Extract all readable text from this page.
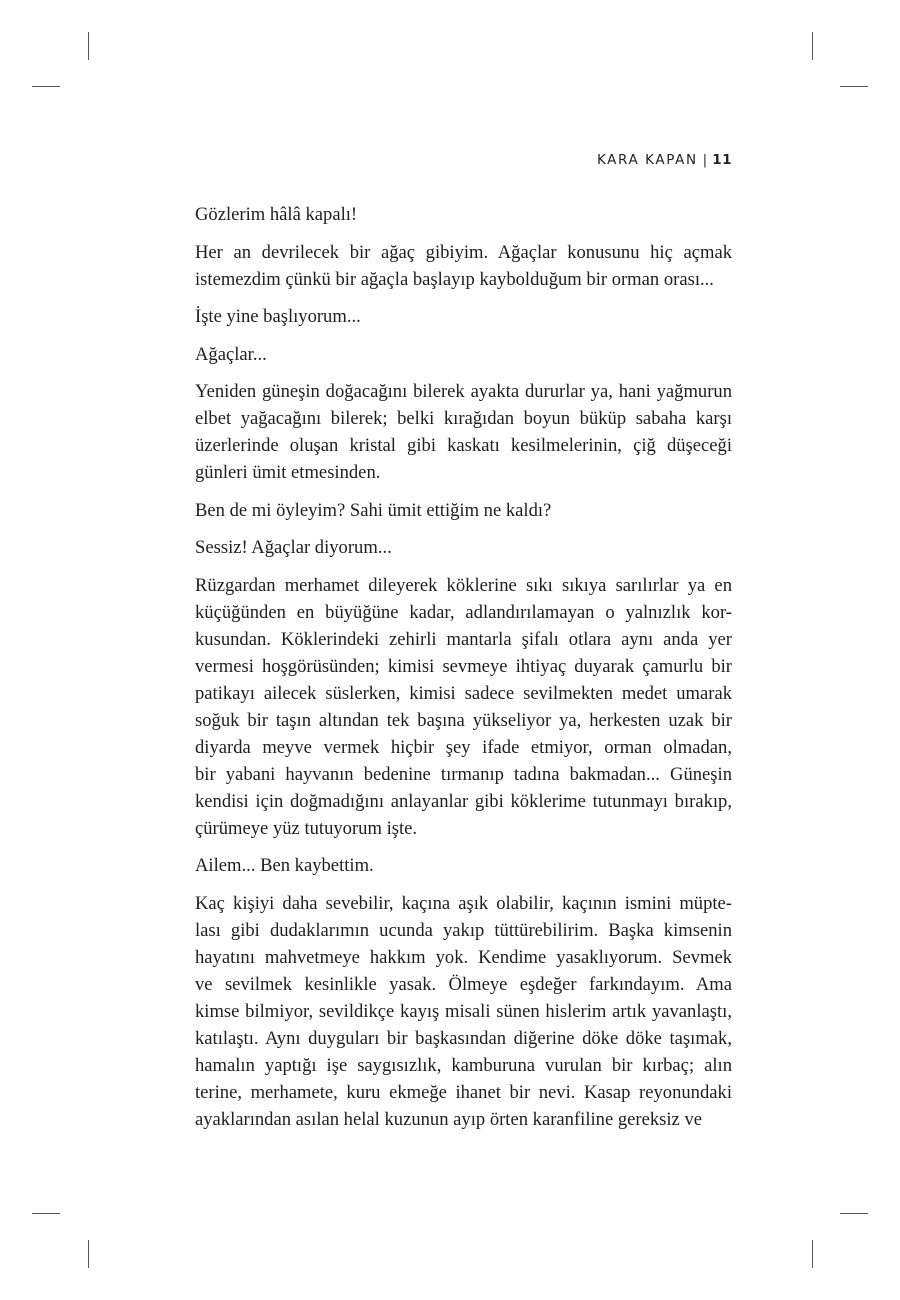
KARA KAPAN | 11

Gözlerim hâlâ kapalı!

Her an devrilecek bir ağaç gibiyim. Ağaçlar konusunu hiç açmak
istemezdim çünkü bir ağaçla başlayıp kaybolduğum bir orman orası...

İşte yine başlıyorum...

Ağaçlar...

Yeniden güneşin doğacağını bilerek ayakta dururlar ya, hani yağmurun
elbet yağacağını bilerek; belki kırağıdan boyun büküp sabaha karşı
üzerlerinde oluşan kristal gibi kaskatı kesilmelerinin, çiğ düşeceği
günleri ümit etmesinden.

Ben de mi öyleyim? Sahi ümit ettiğim ne kaldı?

Sessiz! Ağaçlar diyorum...

Rüzgardan merhamet dileyerek köklerine sıkı sıkıya sarılırlar ya en
küçüğünden en büyüğüne kadar, adlandırılamayan o yalnızlık kor-
kusundan. Köklerindeki zehirli mantarla şifalı otlara aynı anda yer
vermesi hoşgörüsünden; kimisi sevmeye ihtiyaç duyarak çamurlu bir
patikayı ailecek süslerken, kimisi sadece sevilmekten medet umarak
soğuk bir taşın altından tek başına yükseliyor ya, herkesten uzak bir
diyarda meyve vermek hiçbir şey ifade etmiyor, orman olmadan,
bir yabani hayvanın bedenine tırmanıp tadına bakmadan... Güneşin
kendisi için doğmadığını anlayanlar gibi köklerime tutunmayı bırakıp,
çürümeye yüz tutuyorum işte.

Ailem... Ben kaybettim.

Kaç kişiyi daha sevebilir, kaçına aşık olabilir, kaçının ismini müpte-
lası gibi dudaklarımın ucunda yakıp tüttürebilirim. Başka kimsenin
hayatını mahvetmeye hakkım yok. Kendime yasaklıyorum. Sevmek
ve sevilmek kesinlikle yasak. Ölmeye eşdeğer farkındayım. Ama
kimse bilmiyor, sevildikçe kayış misali sünen hislerim artık yavanlaştı,
katılaştı. Aynı duyguları bir başkasından diğerine döke döke taşımak,
hamalın yaptığı işe saygısızlık, kamburuna vurulan bir kırbaç; alın
terine, merhamete, kuru ekmeğe ihanet bir nevi. Kasap reyonundaki
ayaklarından asılan helal kuzunun ayıp örten karanfiline gereksiz ve
